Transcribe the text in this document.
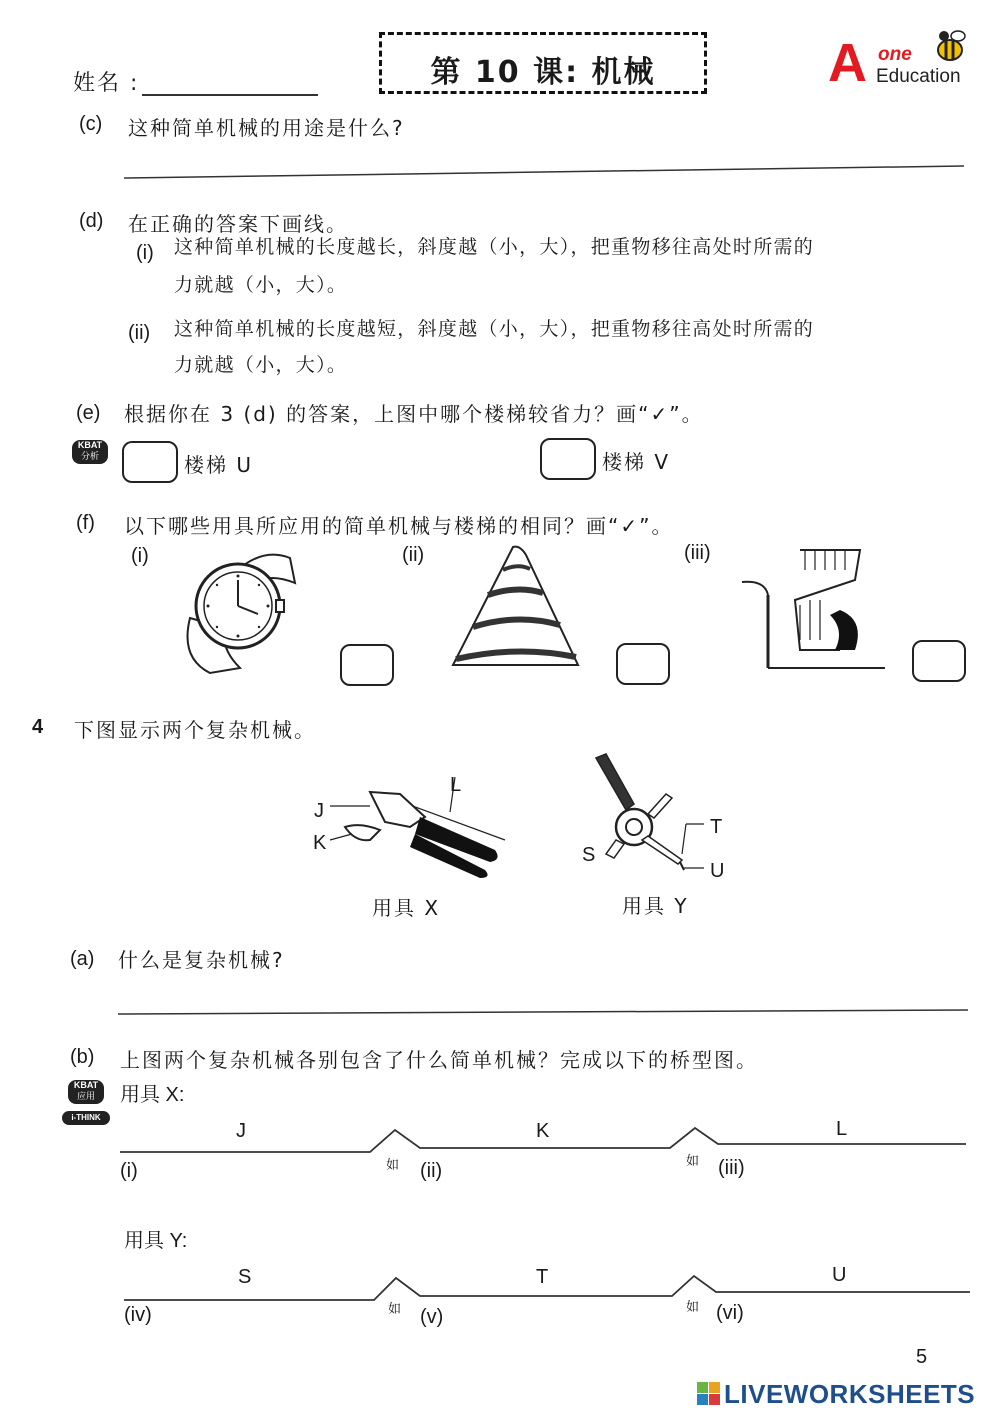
姓名 :	第 10 课: 机械	A one
Education
(c) 这种简单机械的用途是什么?
(d) 在正确的答案下画线。
(i) 这种简单机械的长度越长，斜度越（小，大），把重物移往高处时所需的
力就越（小，大）。
(ii) 这种简单机械的长度越短，斜度越（小，大），把重物移往高处时所需的
力就越（小，大）。
(e) 根据你在 3 (d) 的答案，上图中哪个楼梯较省力？画“✓”。
KBAT
分析	楼梯 U	楼梯 V
(f) 以下哪些用具所应用的简单机械与楼梯的相同？画“✓”。
(i)	(ii)	(iii)
4 下图显示两个复杂机械。
J
K
L
用具 X
T
S
U
用具 Y
(a) 什么是复杂机械?
(b) 上图两个复杂机械各别包含了什么简单机械？完成以下的桥型图。
KBAT
应用
i-THINK
用具 X:
J	K	L
(i)	如 (ii)	如 (iii)
用具 Y:
S	T	U
(iv)	如 (v)	如 (vi)
5
LIVEWORKSHEETS
